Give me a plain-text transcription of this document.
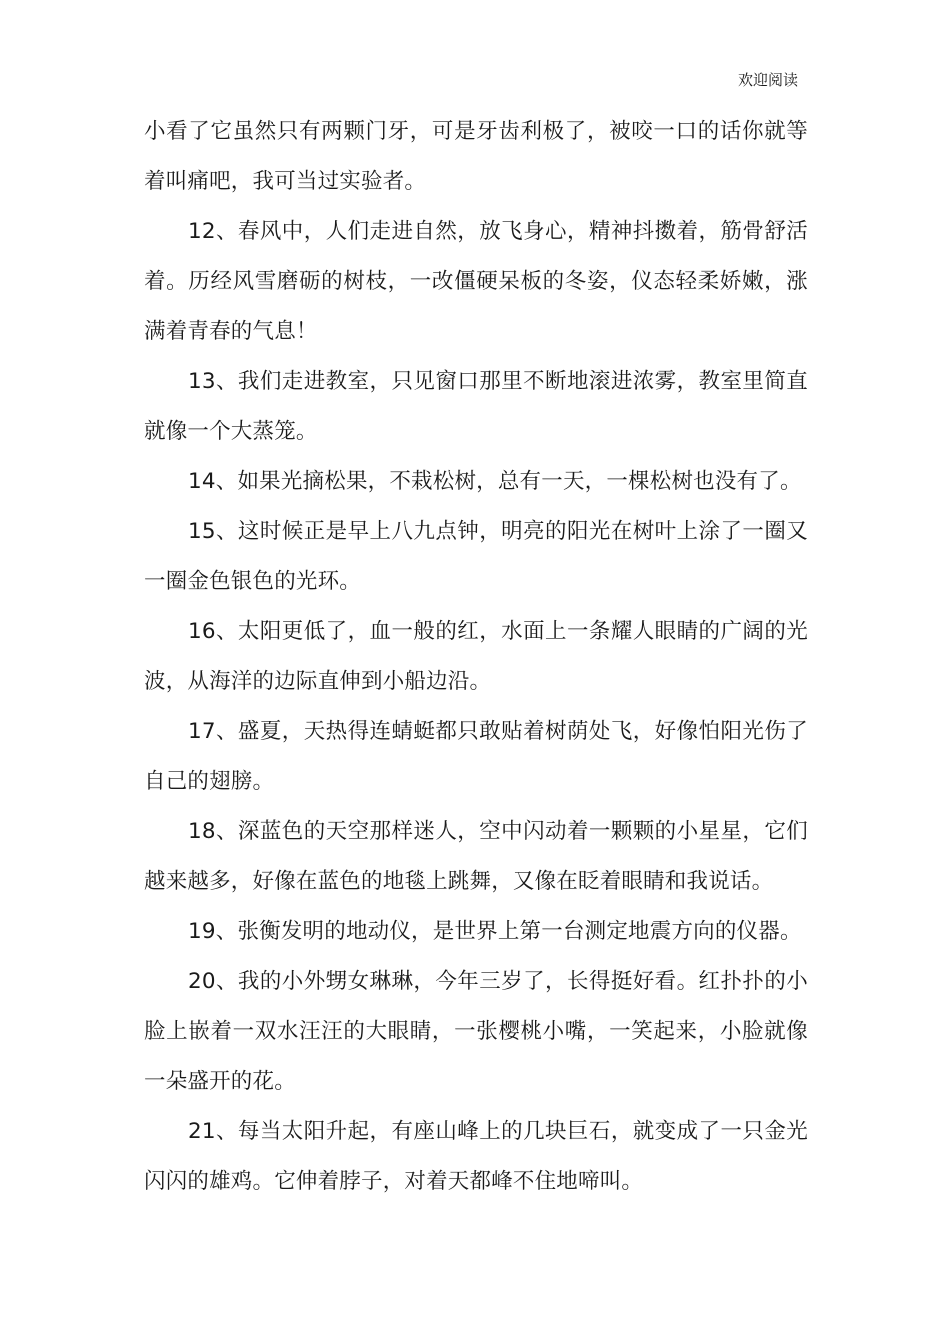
欢迎阅读

小看了它虽然只有两颗门牙，可是牙齿利极了，被咬一口的话你就等着叫痛吧，我可当过实验者。

12、春风中，人们走进自然，放飞身心，精神抖擞着，筋骨舒活着。历经风雪磨砺的树枝，一改僵硬呆板的冬姿，仪态轻柔娇嫩，涨满着青春的气息！

13、我们走进教室，只见窗口那里不断地滚进浓雾，教室里简直就像一个大蒸笼。

14、如果光摘松果，不栽松树，总有一天，一棵松树也没有了。

15、这时候正是早上八九点钟，明亮的阳光在树叶上涂了一圈又一圈金色银色的光环。

16、太阳更低了，血一般的红，水面上一条耀人眼睛的广阔的光波，从海洋的边际直伸到小船边沿。

17、盛夏，天热得连蜻蜓都只敢贴着树荫处飞，好像怕阳光伤了自己的翅膀。

18、深蓝色的天空那样迷人，空中闪动着一颗颗的小星星，它们越来越多，好像在蓝色的地毯上跳舞，又像在眨着眼睛和我说话。

19、张衡发明的地动仪，是世界上第一台测定地震方向的仪器。

20、我的小外甥女琳琳，今年三岁了，长得挺好看。红扑扑的小脸上嵌着一双水汪汪的大眼睛，一张樱桃小嘴，一笑起来，小脸就像一朵盛开的花。

21、每当太阳升起，有座山峰上的几块巨石，就变成了一只金光闪闪的雄鸡。它伸着脖子，对着天都峰不住地啼叫。
